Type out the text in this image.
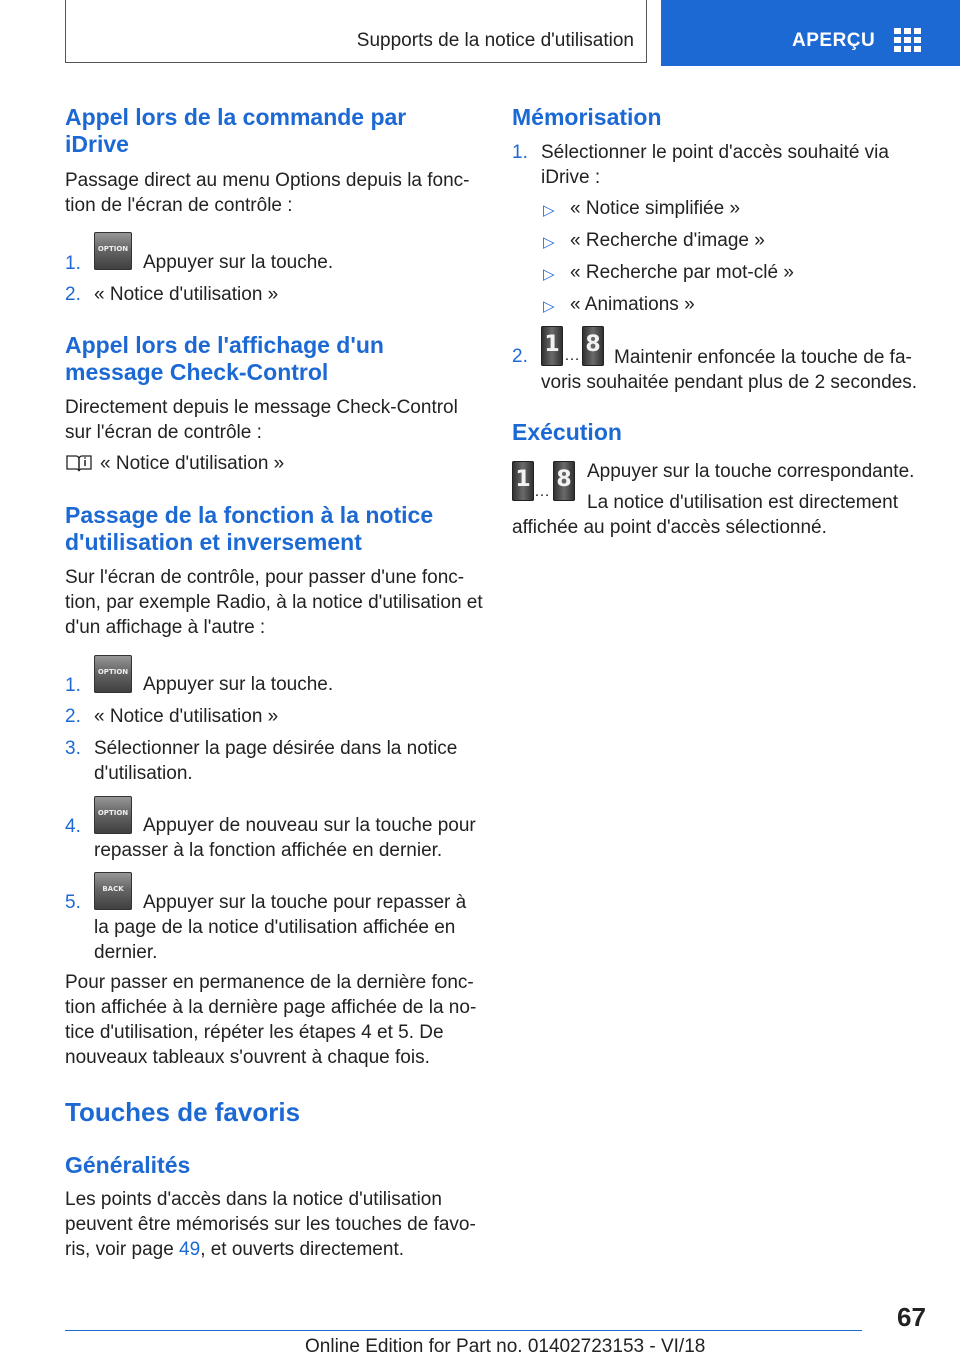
Supports de la notice d'utilisation	APERÇU
Appel lors de la commande par
iDrive
Passage direct au menu Options depuis la fonc‐
tion de l'écran de contrôle :
1.
OPTION
Appuyer sur la touche.
2. « Notice d'utilisation »
Appel lors de l'affichage d'un
message Check-Control
Directement depuis le message Check-Control
sur l'écran de contrôle :
« Notice d'utilisation »
Passage de la fonction à la notice
d'utilisation et inversement
Sur l'écran de contrôle, pour passer d'une fonc‐
tion, par exemple Radio, à la notice d'utilisation et
d'un affichage à l'autre :
1.
OPTION
Appuyer sur la touche.
2. « Notice d'utilisation »
3. Sélectionner la page désirée dans la notice
d'utilisation.
4.
OPTION
Appuyer de nouveau sur la touche pour
repasser à la fonction affichée en dernier.
5.
BACK
Appuyer sur la touche pour repasser à
la page de la notice d'utilisation affichée en
dernier.
Pour passer en permanence de la dernière fonc‐
tion affichée à la dernière page affichée de la no‐
tice d'utilisation, répéter les étapes 4 et 5. De
nouveaux tableaux s'ouvrent à chaque fois.
Touches de favoris
Généralités
Les points d'accès dans la notice d'utilisation
peuvent être mémorisés sur les touches de favo‐
ris, voir page 49, et ouverts directement.
Mémorisation
1. Sélectionner le point d'accès souhaité via
iDrive :
▷ « Notice simplifiée »
▷ « Recherche d'image »
▷ « Recherche par mot-clé »
▷ « Animations »
2. 1 … 8
Maintenir enfoncée la touche de fa‐
voris souhaitée pendant plus de 2 secondes.
Exécution
1 … 8 Appuyer sur la touche correspondante.
La notice d'utilisation est directement
affichée au point d'accès sélectionné.
67
Online Edition for Part no. 01402723153 - VI/18
